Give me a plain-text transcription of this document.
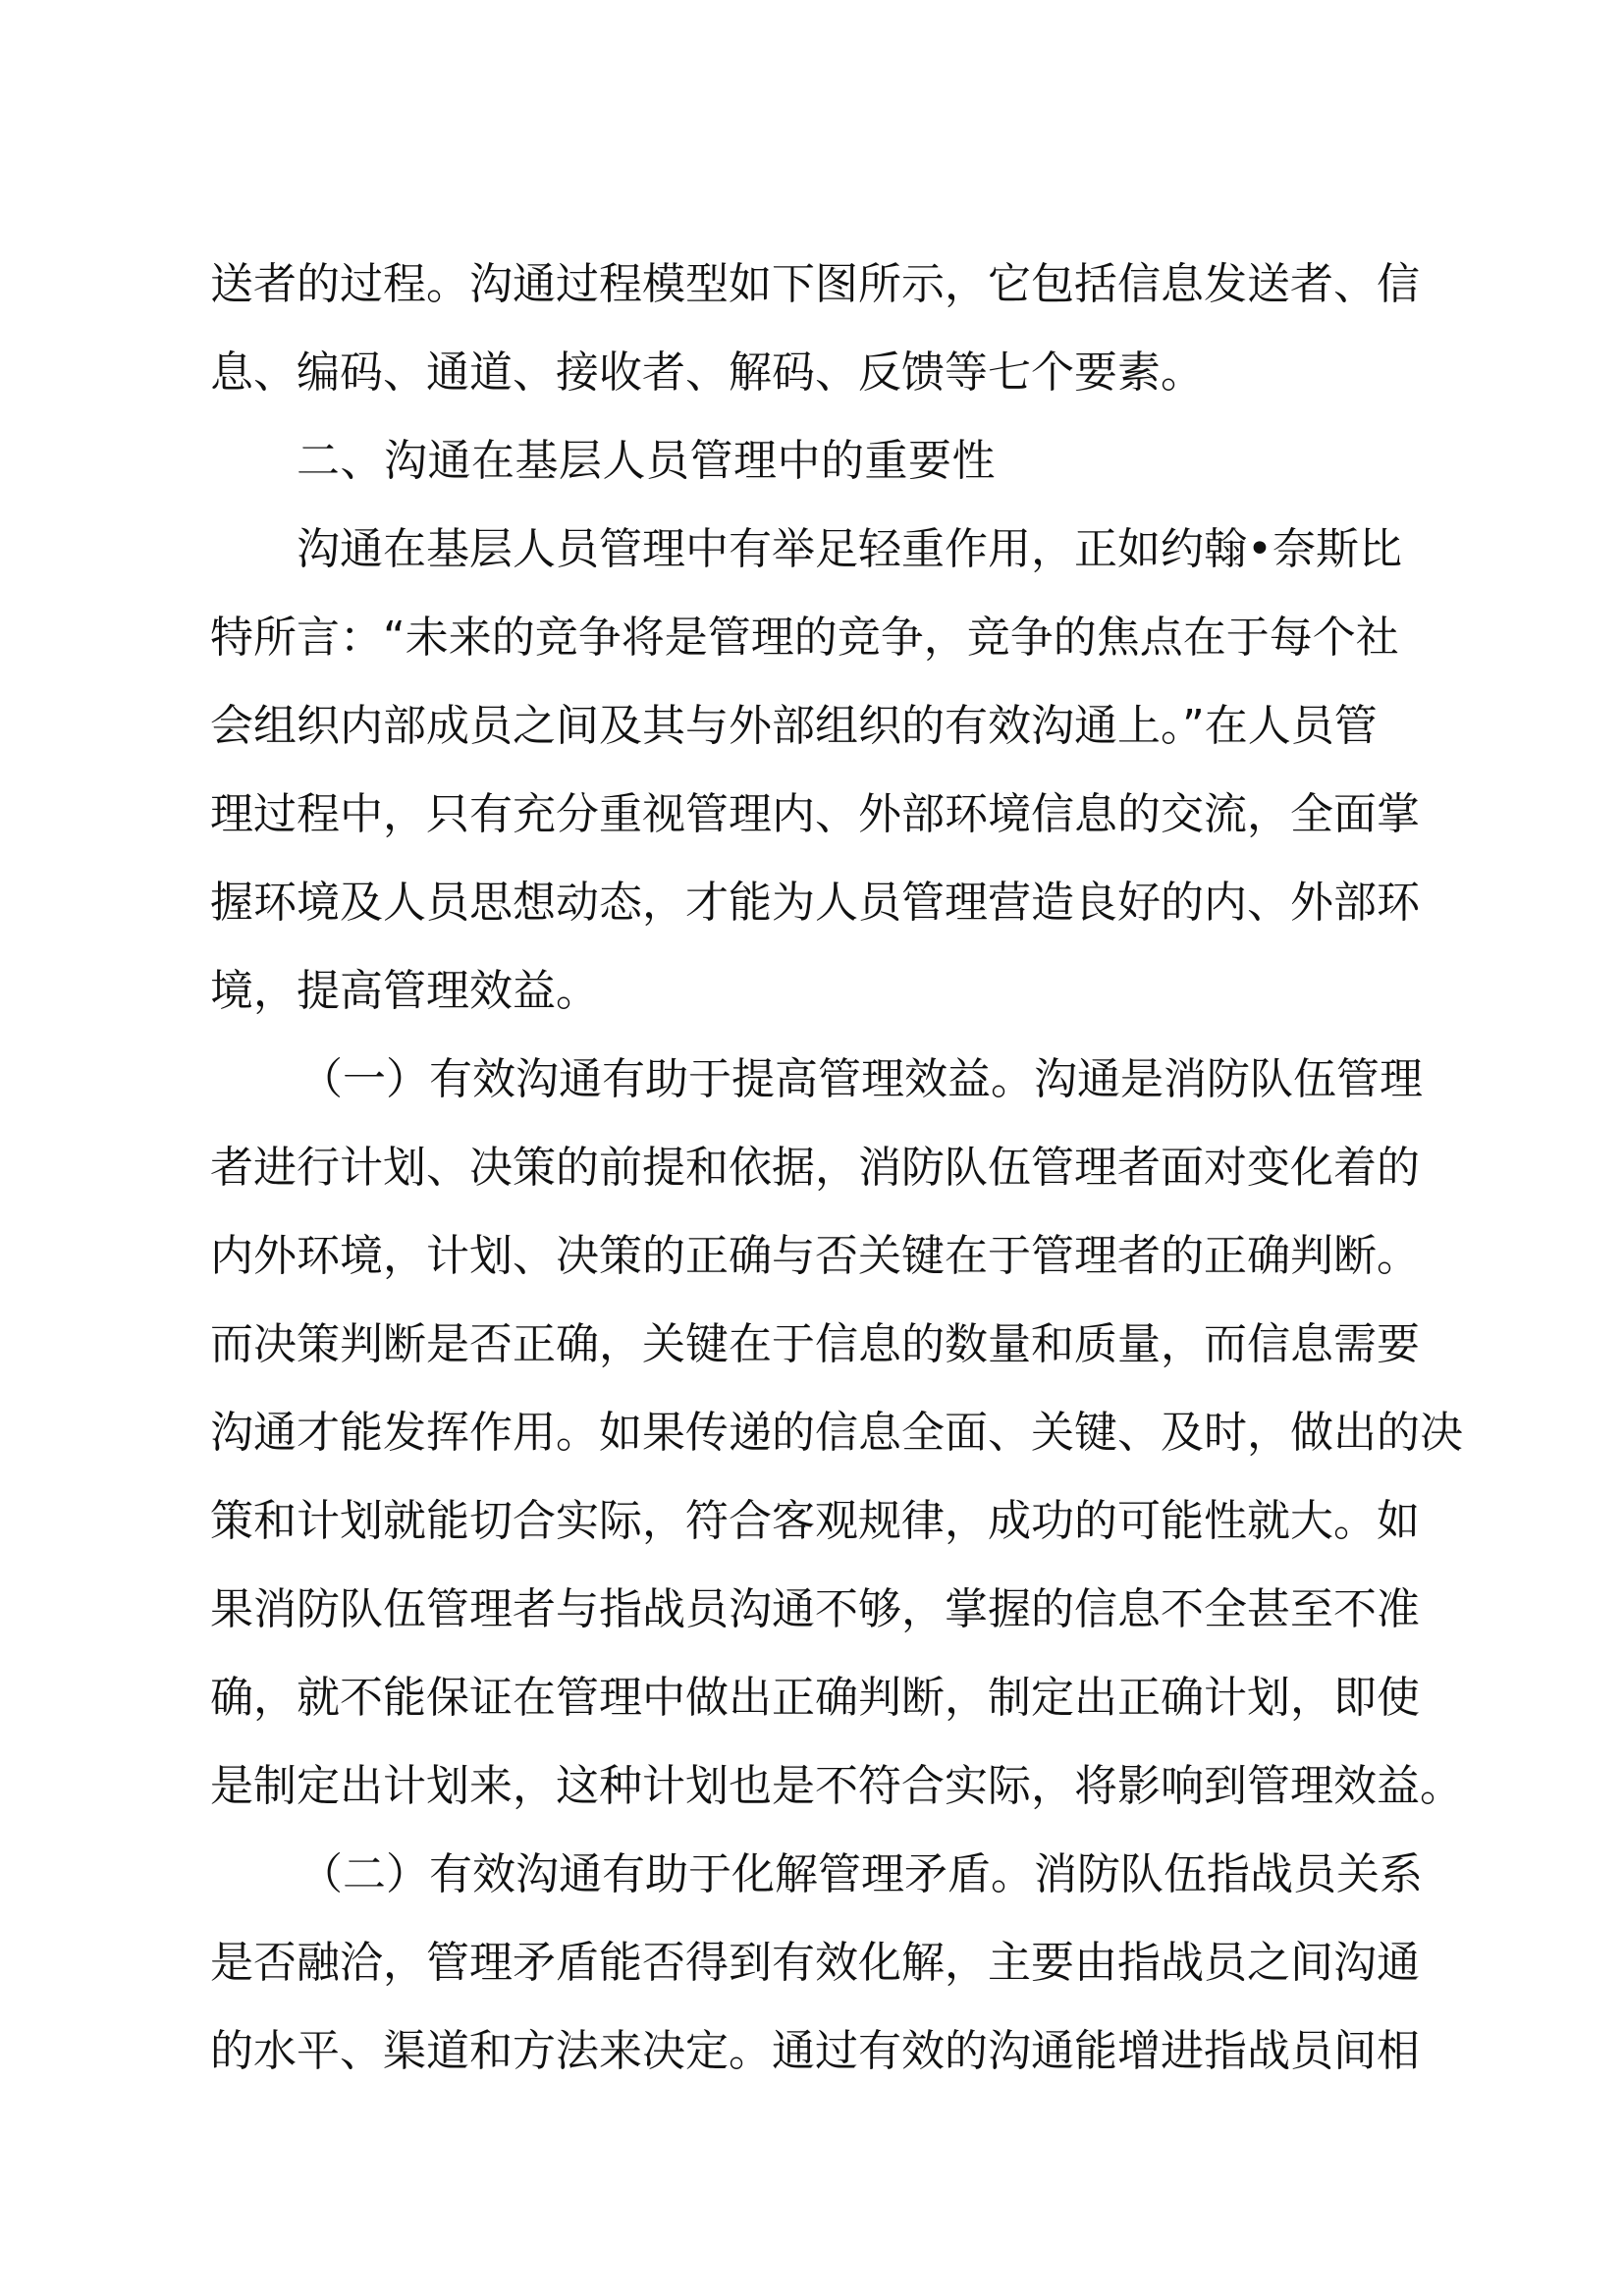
送者的过程。沟通过程模型如下图所示，它包括信息发送者、信
息、编码、通道、接收者、解码、反馈等七个要素。
二、沟通在基层人员管理中的重要性
沟通在基层人员管理中有举足轻重作用，正如约翰•奈斯比
特所言：“未来的竞争将是管理的竞争，竞争的焦点在于每个社
会组织内部成员之间及其与外部组织的有效沟通上。”在人员管
理过程中，只有充分重视管理内、外部环境信息的交流，全面掌
握环境及人员思想动态，才能为人员管理营造良好的内、外部环
境，提高管理效益。
（一）有效沟通有助于提高管理效益。沟通是消防队伍管理
者进行计划、决策的前提和依据，消防队伍管理者面对变化着的
内外环境，计划、决策的正确与否关键在于管理者的正确判断。
而决策判断是否正确，关键在于信息的数量和质量，而信息需要
沟通才能发挥作用。如果传递的信息全面、关键、及时，做出的决
策和计划就能切合实际，符合客观规律，成功的可能性就大。如
果消防队伍管理者与指战员沟通不够，掌握的信息不全甚至不准
确，就不能保证在管理中做出正确判断，制定出正确计划，即使
是制定出计划来，这种计划也是不符合实际，将影响到管理效益。
（二）有效沟通有助于化解管理矛盾。消防队伍指战员关系
是否融洽，管理矛盾能否得到有效化解，主要由指战员之间沟通
的水平、渠道和方法来决定。通过有效的沟通能增进指战员间相
